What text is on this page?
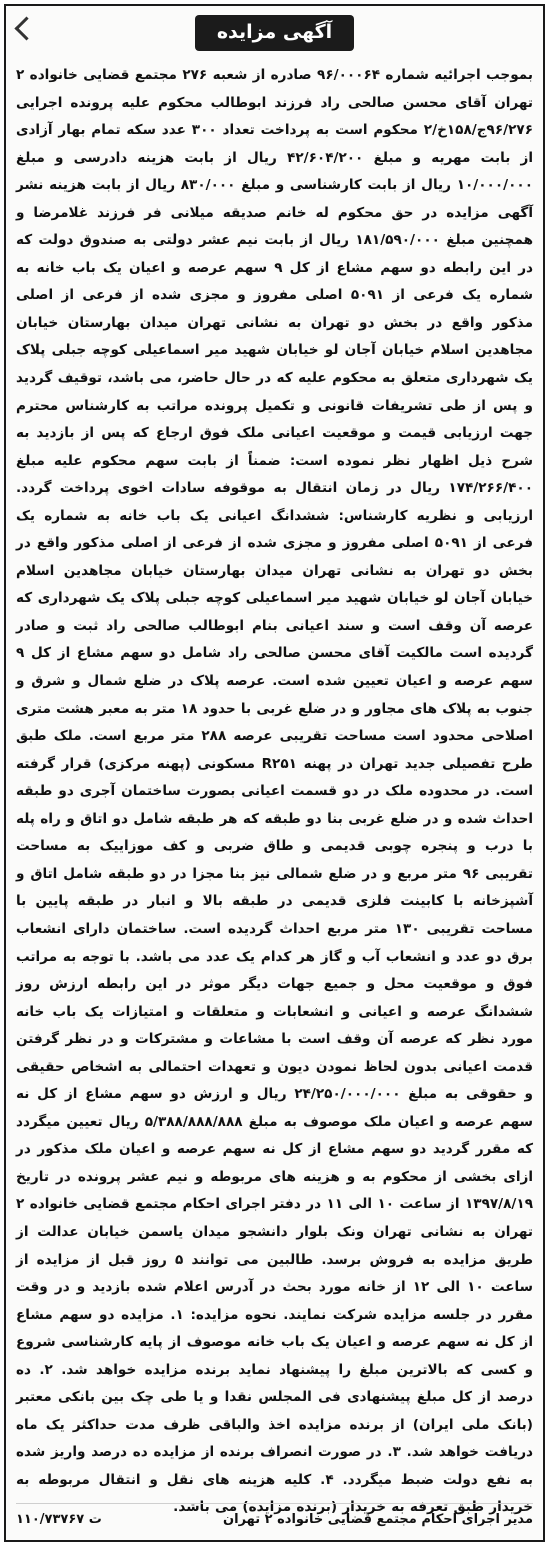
آگهی مزایده
بموجب اجرائیه شماره ۹۶/۰۰۰۶۴ صادره از شعبه ۲۷۶ مجتمع قضایی خانواده ۲ تهران آقای محسن صالحی راد فرزند ابوطالب محکوم علیه پرونده اجرایی ۹۶/۲۷۶ج/۱۵۸خ/۲ محکوم است به پرداخت تعداد ۳۰۰ عدد سکه تمام بهار آزادی از بابت مهریه و مبلغ ۴۲/۶۰۴/۲۰۰ ریال از بابت هزینه دادرسی و مبلغ ۱۰/۰۰۰/۰۰۰ ریال از بابت کارشناسی و مبلغ ۸۳۰/۰۰۰ ریال از بابت هزینه نشر آگهی مزایده در حق محکوم له خانم صدیقه میلانی فر فرزند غلامرضا و همچنین مبلغ ۱۸۱/۵۹۰/۰۰۰ ریال از بابت نیم عشر دولتی به صندوق دولت که در این رابطه دو سهم مشاع از کل ۹ سهم عرصه و اعیان یک باب خانه به شماره یک فرعی از ۵۰۹۱ اصلی مفروز و مجزی شده از فرعی از اصلی مذکور واقع در بخش دو تهران به نشانی تهران میدان بهارستان خیابان مجاهدین اسلام خیابان آجان لو خیابان شهید میر اسماعیلی کوچه جبلی پلاک یک شهرداری متعلق به محکوم علیه که در حال حاضر، می باشد، توقیف گردید و پس از طی تشریفات قانونی و تکمیل پرونده مراتب به کارشناس محترم جهت ارزیابی قیمت و موقعیت اعیانی ملک فوق ارجاع که پس از بازدید به شرح ذیل اظهار نظر نموده است: ضمناً از بابت سهم محکوم علیه مبلغ ۱۷۴/۲۶۶/۴۰۰ ریال در زمان انتقال به موقوفه سادات اخوی پرداخت گردد. ارزیابی و نظریه کارشناس: ششدانگ اعیانی یک باب خانه به شماره یک فرعی از ۵۰۹۱ اصلی مفروز و مجزی شده از فرعی از اصلی مذکور واقع در بخش دو تهران به نشانی تهران میدان بهارستان خیابان مجاهدین اسلام خیابان آجان لو خیابان شهید میر اسماعیلی کوچه جبلی پلاک یک شهرداری که عرصه آن وقف است و سند اعیانی بنام ابوطالب صالحی راد ثبت و صادر گردیده است مالکیت آقای محسن صالحی راد شامل دو سهم مشاع از کل ۹ سهم عرصه و اعیان تعیین شده است. عرصه پلاک در ضلع شمال و شرق و جنوب به پلاک های مجاور و در ضلع غربی با حدود ۱۸ متر به معبر هشت متری اصلاحی محدود است مساحت تقریبی عرصه ۲۸۸ متر مربع است. ملک طبق طرح تفصیلی جدید تهران در پهنه R۲۵۱ مسکونی (پهنه مرکزی) قرار گرفته است. در محدوده ملک در دو قسمت اعیانی بصورت ساختمان آجری دو طبقه احداث شده و در ضلع غربی بنا دو طبقه که هر طبقه شامل دو اتاق و راه پله با درب و پنجره چوبی قدیمی و طاق ضربی و کف موزاییک به مساحت تقریبی ۹۶ متر مربع و در ضلع شمالی نیز بنا مجزا در دو طبقه شامل اتاق و آشپزخانه با کابینت فلزی قدیمی در طبقه بالا و انبار در طبقه پایین با مساحت تقریبی ۱۳۰ متر مربع احداث گردیده است. ساختمان دارای انشعاب برق دو عدد و انشعاب آب و گاز هر کدام یک عدد می باشد. با توجه به مراتب فوق و موقعیت محل و جمیع جهات دیگر موثر در این رابطه ارزش روز ششدانگ عرصه و اعیانی و انشعابات و متعلقات و امتیازات یک باب خانه مورد نظر که عرصه آن وقف است با مشاعات و مشترکات و در نظر گرفتن قدمت اعیانی بدون لحاظ نمودن دیون و تعهدات احتمالی به اشخاص حقیقی و حقوقی به مبلغ ۲۴/۲۵۰/۰۰۰/۰۰۰ ریال و ارزش دو سهم مشاع از کل نه سهم عرصه و اعیان ملک موصوف به مبلغ ۵/۳۸۸/۸۸۸/۸۸۸ ریال تعیین میگردد که مقرر گردید دو سهم مشاع از کل نه سهم عرصه و اعیان ملک مذکور در ازای بخشی از محکوم به و هزینه های مربوطه و نیم عشر پرونده در تاریخ ۱۳۹۷/۸/۱۹ از ساعت ۱۰ الی ۱۱ در دفتر اجرای احکام مجتمع قضایی خانواده ۲ تهران به نشانی تهران ونک بلوار دانشجو میدان یاسمن خیابان عدالت از طریق مزایده به فروش برسد. طالبین می توانند ۵ روز قبل از مزایده از ساعت ۱۰ الی ۱۲ از خانه مورد بحث در آدرس اعلام شده بازدید و در وقت مقرر در جلسه مزایده شرکت نمایند. نحوه مزایده: ۱. مزایده دو سهم مشاع از کل نه سهم عرصه و اعیان یک باب خانه موصوف از پایه کارشناسی شروع و کسی که بالاترین مبلغ را پیشنهاد نماید برنده مزایده خواهد شد. ۲. ده درصد از کل مبلغ پیشنهادی فی المجلس نقدا و یا طی چک بین بانکی معتبر (بانک ملی ایران) از برنده مزایده اخذ والباقی ظرف مدت حداکثر یک ماه دریافت خواهد شد. ۳. در صورت انصراف برنده از مزایده ده درصد واریز شده به نفع دولت ضبط میگردد. ۴. کلیه هزینه های نقل و انتقال مربوطه به خریدار طبق تعرفه به خریدار (برنده مزایده) می باشد.
مدیر اجرای احکام مجتمع قضایی خانواده ۲ تهران
۱۱۰/۷۳۷۶۷ ت
